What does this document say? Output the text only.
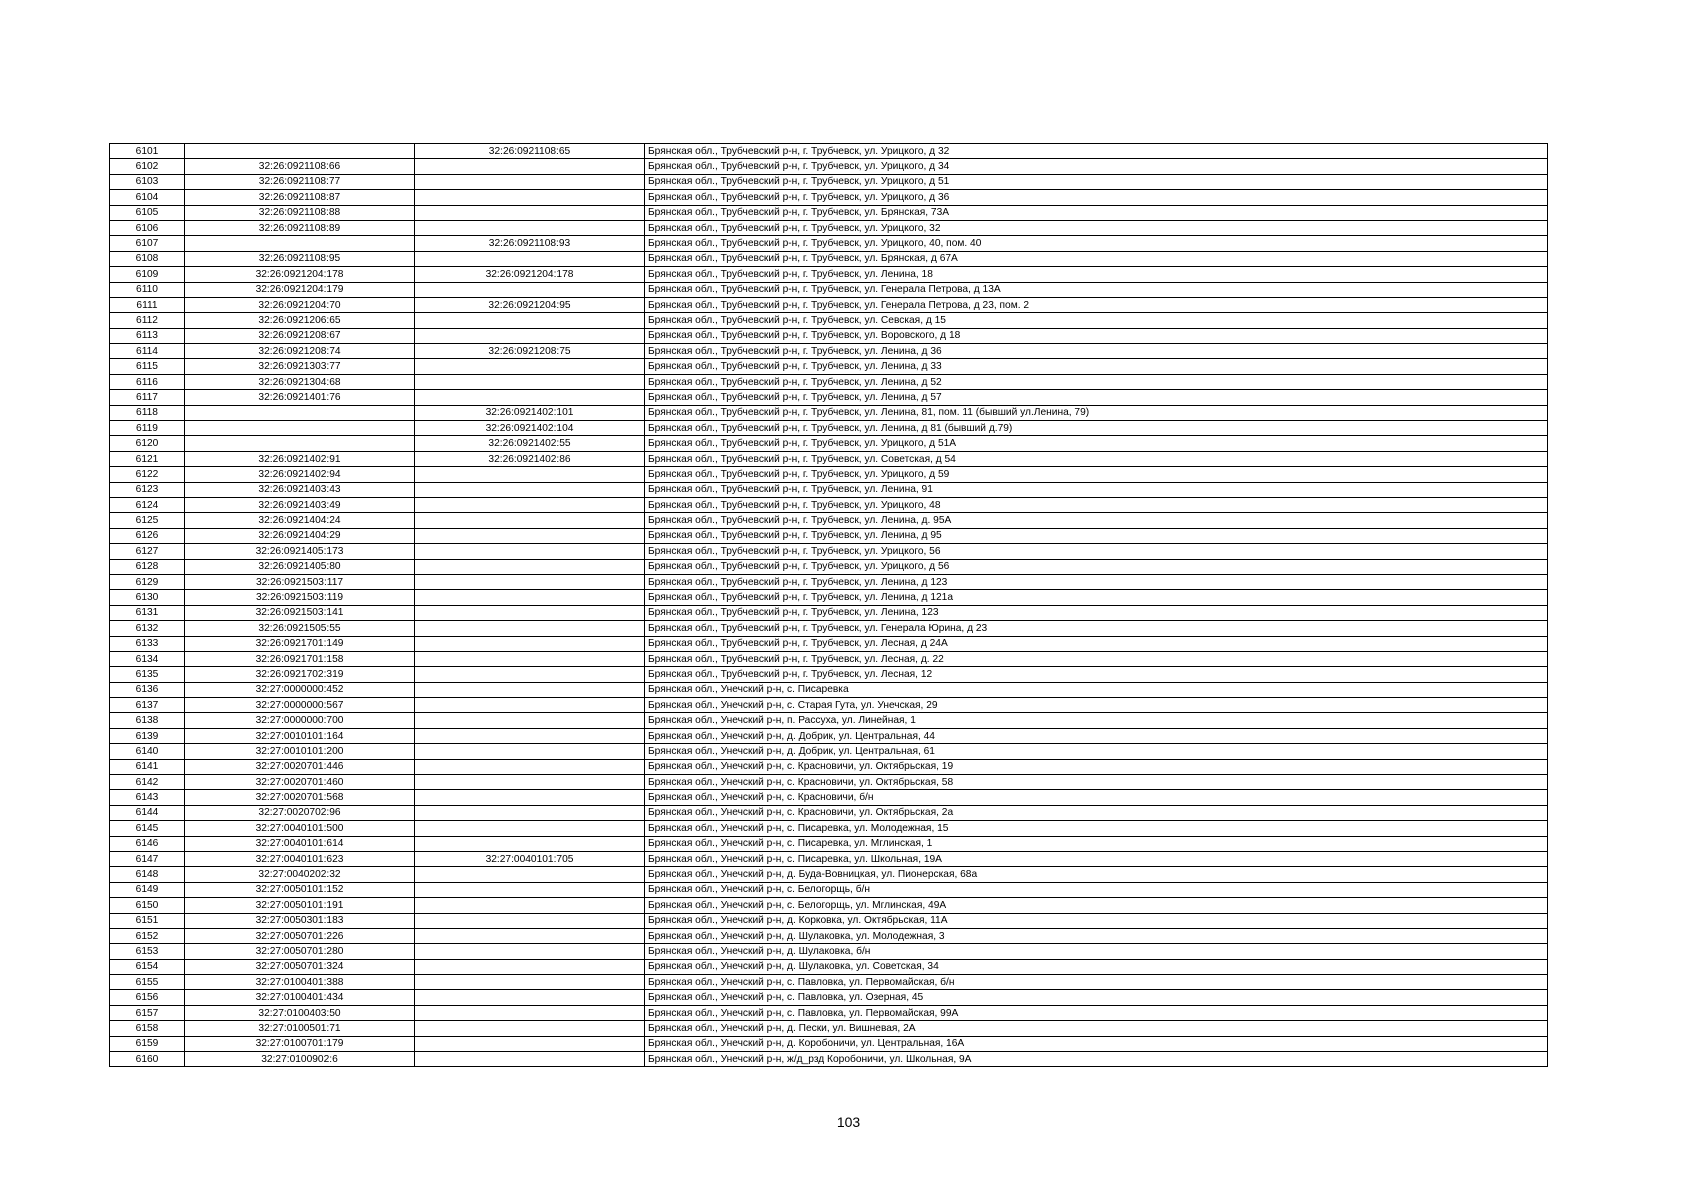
6101		32:26:0921108:65	Брянская обл., Трубчевский р-н, г. Трубчевск, ул. Урицкого, д 32
6102	32:26:0921108:66		Брянская обл., Трубчевский р-н, г. Трубчевск, ул. Урицкого, д 34
6103	32:26:0921108:77		Брянская обл., Трубчевский р-н, г. Трубчевск, ул. Урицкого, д 51
6104	32:26:0921108:87		Брянская обл., Трубчевский р-н, г. Трубчевск, ул. Урицкого, д 36
6105	32:26:0921108:88		Брянская обл., Трубчевский р-н, г. Трубчевск, ул. Брянская, 73А
6106	32:26:0921108:89		Брянская обл., Трубчевский р-н, г. Трубчевск, ул. Урицкого, 32
6107		32:26:0921108:93	Брянская обл., Трубчевский р-н, г. Трубчевск, ул. Урицкого, 40, пом. 40
6108	32:26:0921108:95		Брянская обл., Трубчевский р-н, г. Трубчевск, ул. Брянская, д 67А
6109	32:26:0921204:178	32:26:0921204:178	Брянская обл., Трубчевский р-н, г. Трубчевск, ул. Ленина, 18
6110	32:26:0921204:179		Брянская обл., Трубчевский р-н, г. Трубчевск, ул. Генерала Петрова, д 13А
6111	32:26:0921204:70	32:26:0921204:95	Брянская обл., Трубчевский р-н, г. Трубчевск, ул. Генерала Петрова, д 23, пом. 2
6112	32:26:0921206:65		Брянская обл., Трубчевский р-н, г. Трубчевск, ул. Севская, д 15
6113	32:26:0921208:67		Брянская обл., Трубчевский р-н, г. Трубчевск, ул. Воровского, д 18
6114	32:26:0921208:74	32:26:0921208:75	Брянская обл., Трубчевский р-н, г. Трубчевск, ул. Ленина, д 36
6115	32:26:0921303:77		Брянская обл., Трубчевский р-н, г. Трубчевск, ул. Ленина, д 33
6116	32:26:0921304:68		Брянская обл., Трубчевский р-н, г. Трубчевск, ул. Ленина, д 52
6117	32:26:0921401:76		Брянская обл., Трубчевский р-н, г. Трубчевск, ул. Ленина, д 57
6118		32:26:0921402:101	Брянская обл., Трубчевский р-н, г. Трубчевск, ул. Ленина, 81, пом. 11 (бывший ул.Ленина, 79)
6119		32:26:0921402:104	Брянская обл., Трубчевский р-н, г. Трубчевск, ул. Ленина, д 81 (бывший д.79)
6120		32:26:0921402:55	Брянская обл., Трубчевский р-н, г. Трубчевск, ул. Урицкого, д 51А
6121	32:26:0921402:91	32:26:0921402:86	Брянская обл., Трубчевский р-н, г. Трубчевск, ул. Советская, д 54
6122	32:26:0921402:94		Брянская обл., Трубчевский р-н, г. Трубчевск, ул. Урицкого, д 59
6123	32:26:0921403:43		Брянская обл., Трубчевский р-н, г. Трубчевск, ул. Ленина, 91
6124	32:26:0921403:49		Брянская обл., Трубчевский р-н, г. Трубчевск, ул. Урицкого, 48
6125	32:26:0921404:24		Брянская обл., Трубчевский р-н, г. Трубчевск, ул. Ленина, д. 95А
6126	32:26:0921404:29		Брянская обл., Трубчевский р-н, г. Трубчевск, ул. Ленина, д 95
6127	32:26:0921405:173		Брянская обл., Трубчевский р-н, г. Трубчевск, ул. Урицкого, 56
6128	32:26:0921405:80		Брянская обл., Трубчевский р-н, г. Трубчевск, ул. Урицкого, д 56
6129	32:26:0921503:117		Брянская обл., Трубчевский р-н, г. Трубчевск, ул. Ленина, д 123
6130	32:26:0921503:119		Брянская обл., Трубчевский р-н, г. Трубчевск, ул. Ленина, д 121а
6131	32:26:0921503:141		Брянская обл., Трубчевский р-н, г. Трубчевск, ул. Ленина, 123
6132	32:26:0921505:55		Брянская обл., Трубчевский р-н, г. Трубчевск, ул. Генерала Юрина, д 23
6133	32:26:0921701:149		Брянская обл., Трубчевский р-н, г. Трубчевск, ул. Лесная, д 24А
6134	32:26:0921701:158		Брянская обл., Трубчевский р-н, г. Трубчевск, ул. Лесная, д. 22
6135	32:26:0921702:319		Брянская обл., Трубчевский р-н, г. Трубчевск, ул. Лесная, 12
6136	32:27:0000000:452		Брянская обл., Унечский р-н, с. Писаревка
6137	32:27:0000000:567		Брянская обл., Унечский р-н, с. Старая Гута, ул. Унечская, 29
6138	32:27:0000000:700		Брянская обл., Унечский р-н, п. Рассуха, ул. Линейная, 1
6139	32:27:0010101:164		Брянская обл., Унечский р-н, д. Добрик, ул. Центральная, 44
6140	32:27:0010101:200		Брянская обл., Унечский р-н, д. Добрик, ул. Центральная, 61
6141	32:27:0020701:446		Брянская обл., Унечский р-н, с. Красновичи, ул. Октябрьская, 19
6142	32:27:0020701:460		Брянская обл., Унечский р-н, с. Красновичи, ул. Октябрьская, 58
6143	32:27:0020701:568		Брянская обл., Унечский р-н, с. Красновичи, б/н
6144	32:27:0020702:96		Брянская обл., Унечский р-н, с. Красновичи, ул. Октябрьская, 2а
6145	32:27:0040101:500		Брянская обл., Унечский р-н, с. Писаревка, ул. Молодежная, 15
6146	32:27:0040101:614		Брянская обл., Унечский р-н, с. Писаревка, ул. Мглинская, 1
6147	32:27:0040101:623	32:27:0040101:705	Брянская обл., Унечский р-н, с. Писаревка, ул. Школьная, 19А
6148	32:27:0040202:32		Брянская обл., Унечский р-н, д. Буда-Вовницкая, ул. Пионерская, 68а
6149	32:27:0050101:152		Брянская обл., Унечский р-н, с. Белогорщь, б/н
6150	32:27:0050101:191		Брянская обл., Унечский р-н, с. Белогорщь, ул. Мглинская, 49А
6151	32:27:0050301:183		Брянская обл., Унечский р-н, д. Корковка, ул. Октябрьская, 11А
6152	32:27:0050701:226		Брянская обл., Унечский р-н, д. Шулаковка, ул. Молодежная, 3
6153	32:27:0050701:280		Брянская обл., Унечский р-н, д. Шулаковка, б/н
6154	32:27:0050701:324		Брянская обл., Унечский р-н, д. Шулаковка, ул. Советская, 34
6155	32:27:0100401:388		Брянская обл., Унечский р-н, с. Павловка, ул. Первомайская, б/н
6156	32:27:0100401:434		Брянская обл., Унечский р-н, с. Павловка, ул. Озерная, 45
6157	32:27:0100403:50		Брянская обл., Унечский р-н, с. Павловка, ул. Первомайская, 99А
6158	32:27:0100501:71		Брянская обл., Унечский р-н, д. Пески, ул. Вишневая, 2А
6159	32:27:0100701:179		Брянская обл., Унечский р-н, д. Коробоничи, ул. Центральная, 16А
6160	32:27:0100902:6		Брянская обл., Унечский р-н, ж/д_рзд Коробоничи, ул. Школьная, 9А
103
